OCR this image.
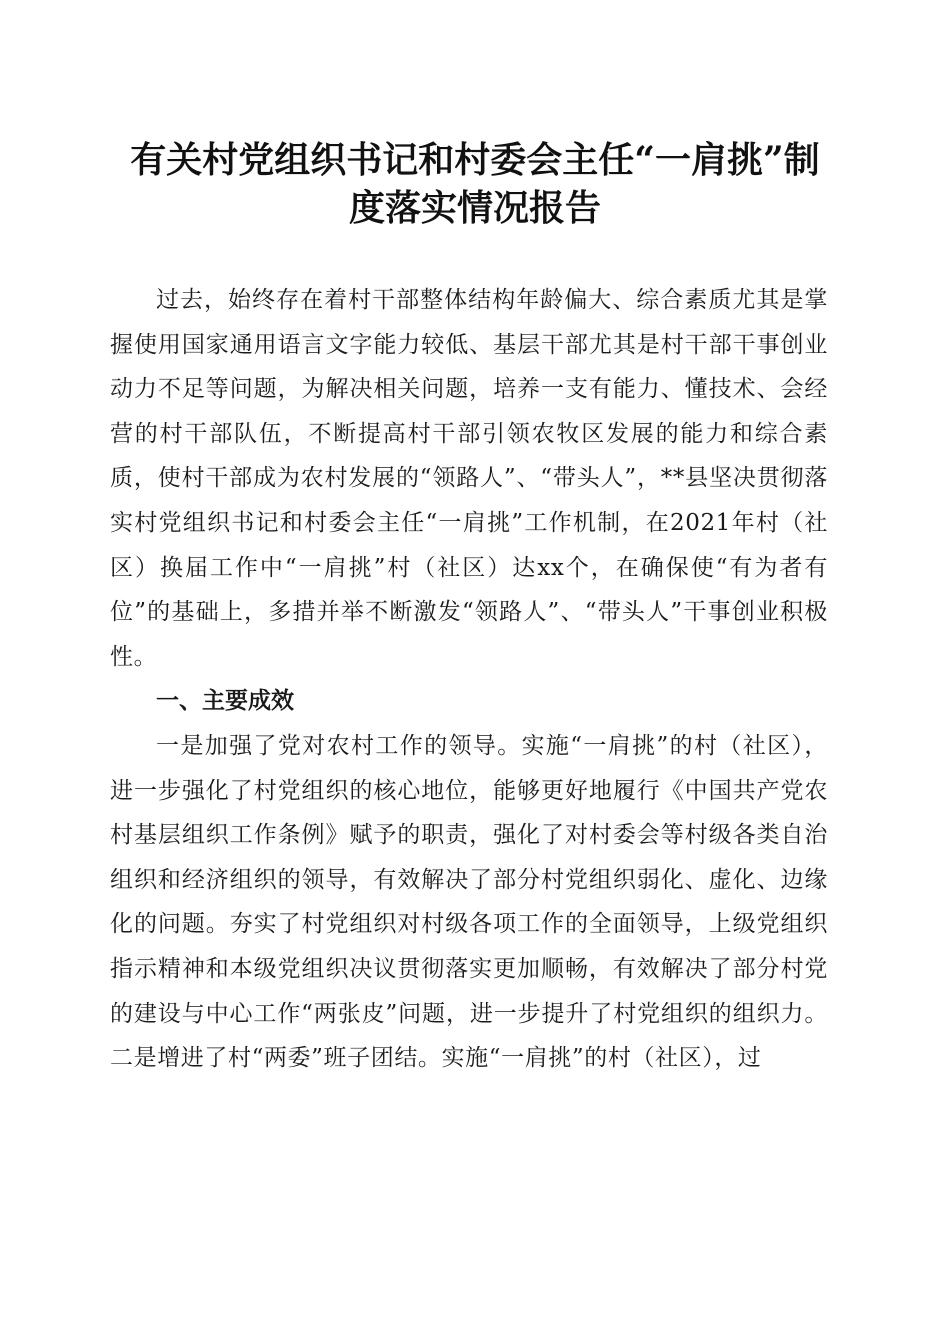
有关村党组织书记和村委会主任“一肩挑”制
度落实情况报告

过去，始终存在着村干部整体结构年龄偏大、综合素质尤其是掌握使用国家通用语言文字能力较低、基层干部尤其是村干部干事创业动力不足等问题，为解决相关问题，培养一支有能力、懂技术、会经营的村干部队伍，不断提高村干部引领农牧区发展的能力和综合素质，使村干部成为农村发展的“领路人”、“带头人”，**县坚决贯彻落实村党组织书记和村委会主任“一肩挑”工作机制，在2021年村（社区）换届工作中“一肩挑”村（社区）达xx个，在确保使“有为者有位”的基础上，多措并举不断激发“领路人”、“带头人”干事创业积极性。

一、主要成效

一是加强了党对农村工作的领导。实施“一肩挑”的村（社区），进一步强化了村党组织的核心地位，能够更好地履行《中国共产党农村基层组织工作条例》赋予的职责，强化了对村委会等村级各类自治组织和经济组织的领导，有效解决了部分村党组织弱化、虚化、边缘化的问题。夯实了村党组织对村级各项工作的全面领导，上级党组织指示精神和本级党组织决议贯彻落实更加顺畅，有效解决了部分村党的建设与中心工作“两张皮”问题，进一步提升了村党组织的组织力。二是增进了村“两委”班子团结。实施“一肩挑”的村（社区），过
